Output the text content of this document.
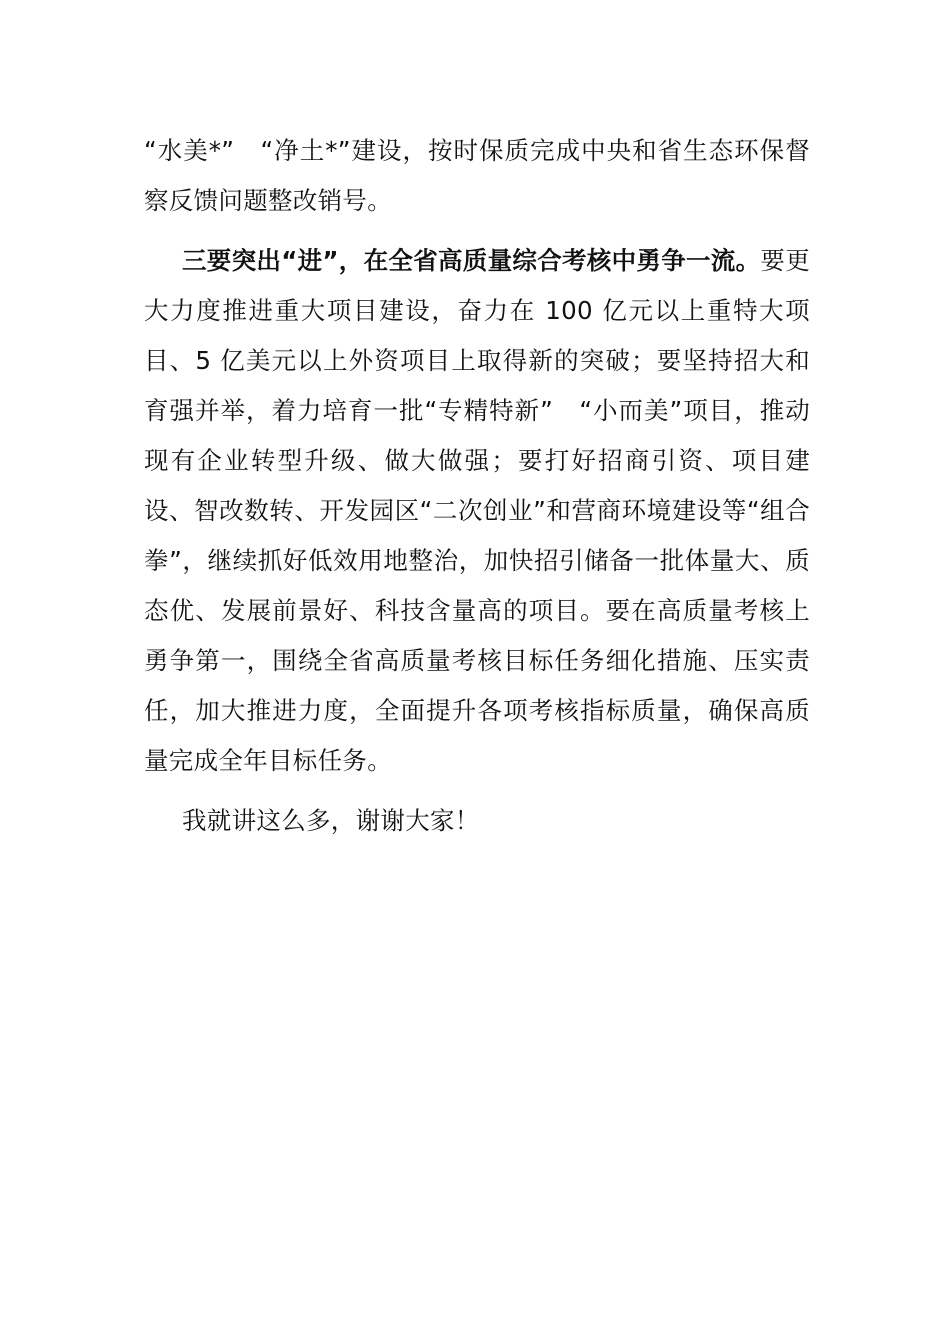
“水美*”　“净土*”建设，按时保质完成中央和省生态环保督察反馈问题整改销号。

三要突出“进”，在全省高质量综合考核中勇争一流。要更大力度推进重大项目建设，奋力在 100 亿元以上重特大项目、5 亿美元以上外资项目上取得新的突破；要坚持招大和育强并举，着力培育一批“专精特新”　“小而美”项目，推动现有企业转型升级、做大做强；要打好招商引资、项目建设、智改数转、开发园区“二次创业”和营商环境建设等“组合拳”，继续抓好低效用地整治，加快招引储备一批体量大、质态优、发展前景好、科技含量高的项目。要在高质量考核上勇争第一，围绕全省高质量考核目标任务细化措施、压实责任，加大推进力度，全面提升各项考核指标质量，确保高质量完成全年目标任务。

我就讲这么多，谢谢大家！
